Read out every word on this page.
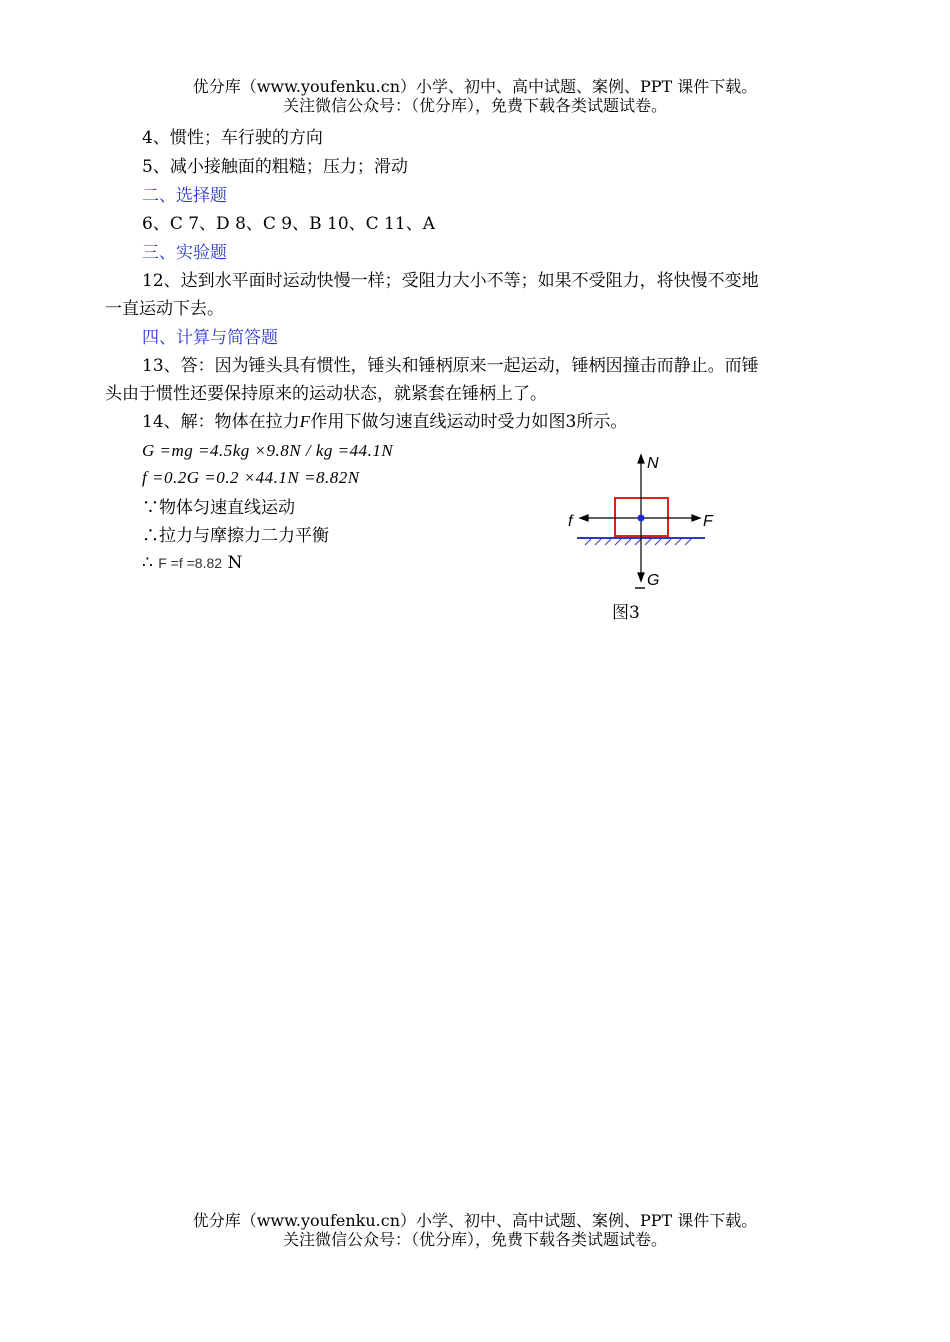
优分库（www.youfenku.cn）小学、初中、高中试题、案例、PPT 课件下载。
关注微信公众号：（优分库），免费下载各类试题试卷。
4、惯性；车行驶的方向
5、减小接触面的粗糙；压力；滑动
二、选择题
6、C 7、D 8、C 9、B 10、C 11、A
三、实验题
12、达到水平面时运动快慢一样；受阻力大小不等；如果不受阻力，将快慢不变地
一直运动下去。
四、计算与简答题
13、答：因为锤头具有惯性，锤头和锤柄原来一起运动，锤柄因撞击而静止。而锤
头由于惯性还要保持原来的运动状态，就紧套在锤柄上了。
14、解：物体在拉力F作用下做匀速直线运动时受力如图3所示。
G =mg =4.5kg ×9.8N / kg =44.1N
f =0.2G =0.2 ×44.1N =8.82N
∵物体匀速直线运动
∴拉力与摩擦力二力平衡
∴ F =f =8.82 N
N
f	F
G
图3
优分库（www.youfenku.cn）小学、初中、高中试题、案例、PPT 课件下载。
关注微信公众号：（优分库），免费下载各类试题试卷。
